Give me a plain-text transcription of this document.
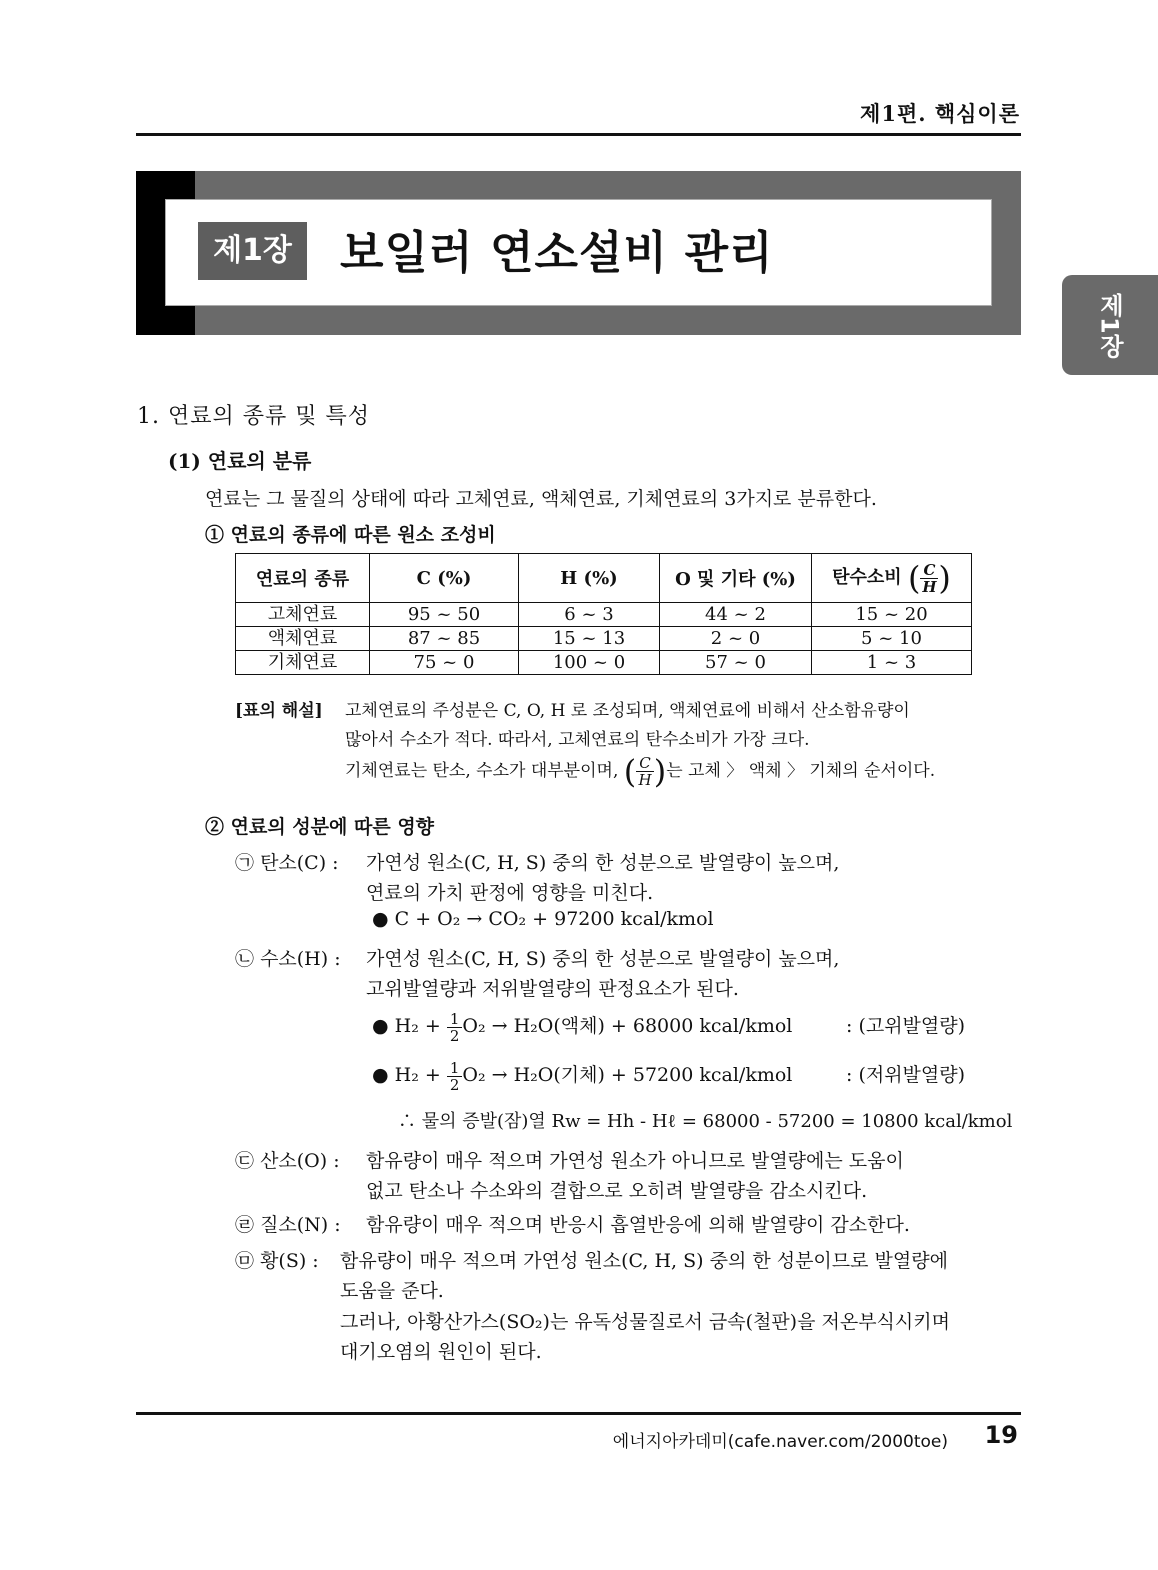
제1편. 핵심이론
제1장	보일러 연소설비 관리
제1장
1. 연료의 종류 및 특성
(1) 연료의 분류
연료는 그 물질의 상태에 따라 고체연료, 액체연료, 기체연료의 3가지로 분류한다.
① 연료의 종류에 따른 원소 조성비
연료의 종류	C (%)	H (%)	O 및 기타 (%)	탄수소비 ( $\frac{C}{H}$ )
고체연료	95 ~ 50	6 ~ 3	44 ~ 2	15 ~ 20
액체연료	87 ~ 85	15 ~ 13	2 ~ 0	5 ~ 10
기체연료	75 ~ 0	100 ~ 0	57 ~ 0	1 ~ 3
[표의 해설] 고체연료의 주성분은 C, O, H 로 조성되며, 액체연료에 비해서 산소함유량이
많아서 수소가 적다. 따라서, 고체연료의 탄수소비가 가장 크다.
기체연료는 탄소, 수소가 대부분이며, ( $\frac{C}{H}$ )는 고체 〉 액체 〉 기체의 순서이다.
② 연료의 성분에 따른 영향
㉠ 탄소(C) : 가연성 원소(C, H, S) 중의 한 성분으로 발열량이 높으며,
연료의 가치 판정에 영향을 미친다.
● C + O₂ → CO₂ + 97200 kcal/kmol
㉡ 수소(H) : 가연성 원소(C, H, S) 중의 한 성분으로 발열량이 높으며,
고위발열량과 저위발열량의 판정요소가 된다.
● $H_2 + \frac{1}{2} O_2 \to H_2O$(액체) + 68000 kcal/kmol	: (고위발열량)
● $H_2 + \frac{1}{2} O_2 \to H_2O$(기체) + 57200 kcal/kmol	: (저위발열량)
∴ 물의 증발(잠)열 Rw = Hh - Hℓ = 68000 - 57200 = 10800 kcal/kmol
㉢ 산소(O) : 함유량이 매우 적으며 가연성 원소가 아니므로 발열량에는 도움이
없고 탄소나 수소와의 결합으로 오히려 발열량을 감소시킨다.
㉣ 질소(N) : 함유량이 매우 적으며 반응시 흡열반응에 의해 발열량이 감소한다.
㉤ 황(S) : 함유량이 매우 적으며 가연성 원소(C, H, S) 중의 한 성분이므로 발열량에
도움을 준다.
그러나, 아황산가스(SO₂)는 유독성물질로서 금속(철판)을 저온부식시키며
대기오염의 원인이 된다.
에너지아카데미(cafe.naver.com/2000toe) 19
